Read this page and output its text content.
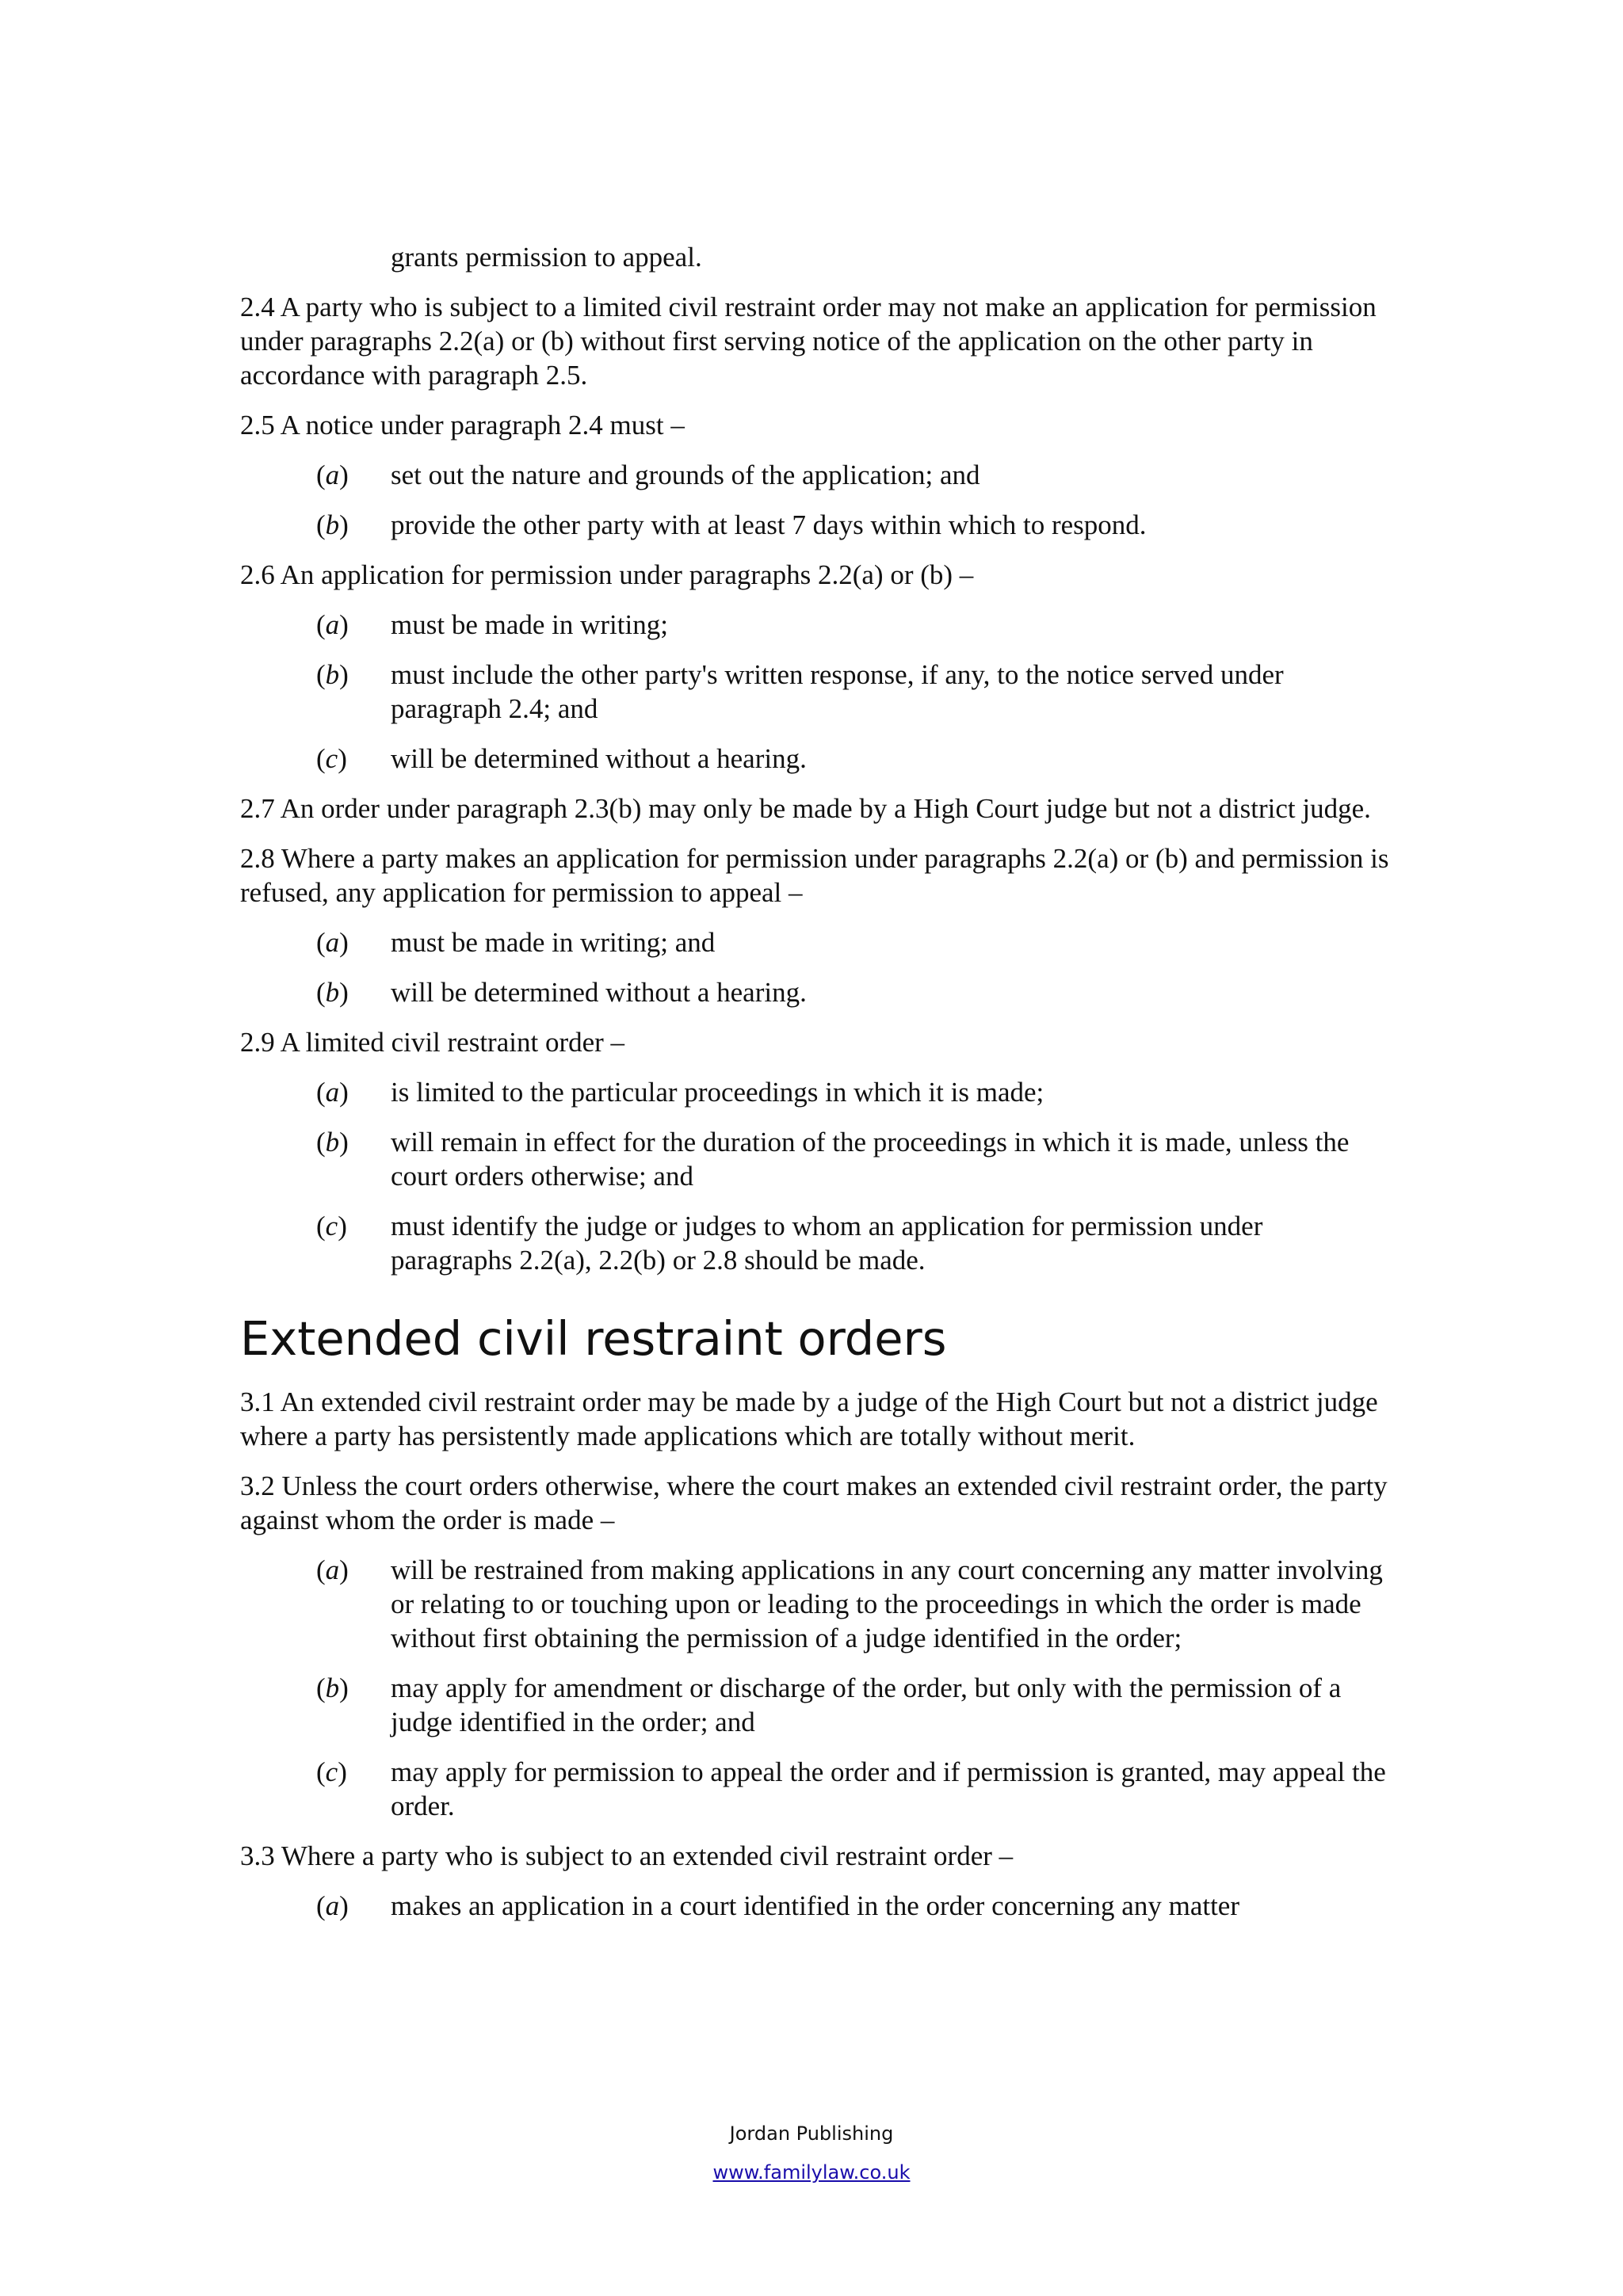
grants permission to appeal.
2.4 A party who is subject to a limited civil restraint order may not make an application for permission under paragraphs 2.2(a) or (b) without first serving notice of the application on the other party in accordance with paragraph 2.5.
2.5 A notice under paragraph 2.4 must –
(a)	set out the nature and grounds of the application; and
(b)	provide the other party with at least 7 days within which to respond.
2.6 An application for permission under paragraphs 2.2(a) or (b) –
(a)	must be made in writing;
(b)	must include the other party's written response, if any, to the notice served under paragraph 2.4; and
(c)	will be determined without a hearing.
2.7 An order under paragraph 2.3(b) may only be made by a High Court judge but not a district judge.
2.8 Where a party makes an application for permission under paragraphs 2.2(a) or (b) and permission is refused, any application for permission to appeal –
(a)	must be made in writing; and
(b)	will be determined without a hearing.
2.9 A limited civil restraint order –
(a)	is limited to the particular proceedings in which it is made;
(b)	will remain in effect for the duration of the proceedings in which it is made, unless the court orders otherwise; and
(c)	must identify the judge or judges to whom an application for permission under paragraphs 2.2(a), 2.2(b) or 2.8 should be made.
Extended civil restraint orders
3.1 An extended civil restraint order may be made by a judge of the High Court but not a district judge where a party has persistently made applications which are totally without merit.
3.2 Unless the court orders otherwise, where the court makes an extended civil restraint order, the party against whom the order is made –
(a)	will be restrained from making applications in any court concerning any matter involving or relating to or touching upon or leading to the proceedings in which the order is made without first obtaining the permission of a judge identified in the order;
(b)	may apply for amendment or discharge of the order, but only with the permission of a judge identified in the order; and
(c)	may apply for permission to appeal the order and if permission is granted, may appeal the order.
3.3 Where a party who is subject to an extended civil restraint order –
(a)	makes an application in a court identified in the order concerning any matter
Jordan Publishing
www.familylaw.co.uk
